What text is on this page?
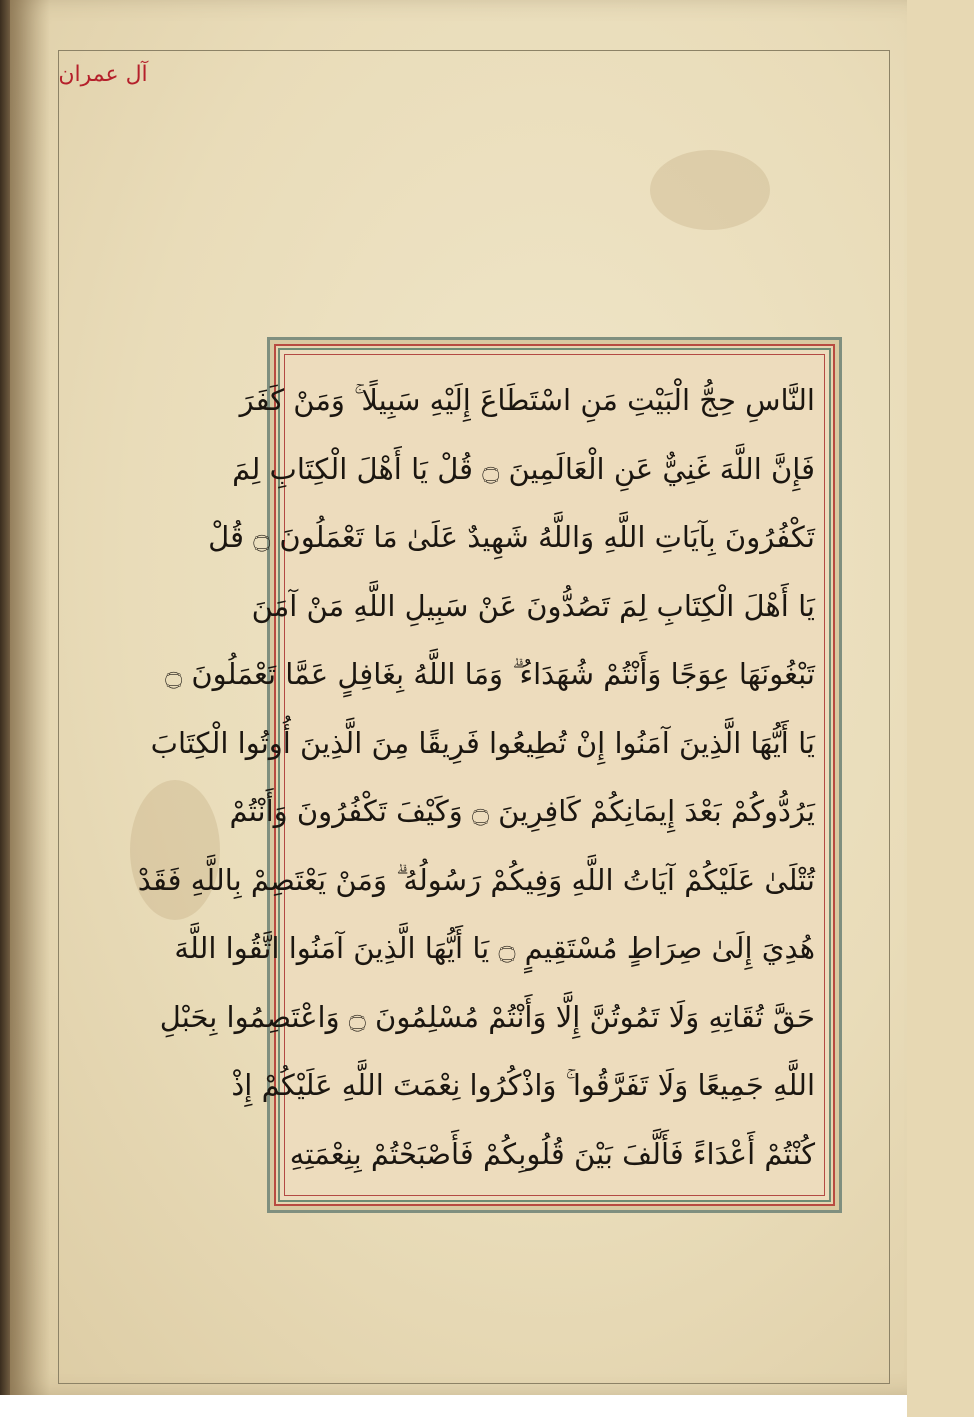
آل عمران
النَّاسِ حِجُّ الْبَيْتِ مَنِ اسْتَطَاعَ إِلَيْهِ سَبِيلًا ۚ وَمَنْ كَفَرَ
فَإِنَّ اللَّهَ غَنِيٌّ عَنِ الْعَالَمِينَ ۝ قُلْ يَا أَهْلَ الْكِتَابِ لِمَ
تَكْفُرُونَ بِآيَاتِ اللَّهِ وَاللَّهُ شَهِيدٌ عَلَىٰ مَا تَعْمَلُونَ ۝ قُلْ
يَا أَهْلَ الْكِتَابِ لِمَ تَصُدُّونَ عَنْ سَبِيلِ اللَّهِ مَنْ آمَنَ
تَبْغُونَهَا عِوَجًا وَأَنْتُمْ شُهَدَاءُ ۗ وَمَا اللَّهُ بِغَافِلٍ عَمَّا تَعْمَلُونَ ۝
يَا أَيُّهَا الَّذِينَ آمَنُوا إِنْ تُطِيعُوا فَرِيقًا مِنَ الَّذِينَ أُوتُوا الْكِتَابَ
يَرُدُّوكُمْ بَعْدَ إِيمَانِكُمْ كَافِرِينَ ۝ وَكَيْفَ تَكْفُرُونَ وَأَنْتُمْ
تُتْلَىٰ عَلَيْكُمْ آيَاتُ اللَّهِ وَفِيكُمْ رَسُولُهُ ۗ وَمَنْ يَعْتَصِمْ بِاللَّهِ فَقَدْ
هُدِيَ إِلَىٰ صِرَاطٍ مُسْتَقِيمٍ ۝ يَا أَيُّهَا الَّذِينَ آمَنُوا اتَّقُوا اللَّهَ
حَقَّ تُقَاتِهِ وَلَا تَمُوتُنَّ إِلَّا وَأَنْتُمْ مُسْلِمُونَ ۝ وَاعْتَصِمُوا بِحَبْلِ
اللَّهِ جَمِيعًا وَلَا تَفَرَّقُوا ۚ وَاذْكُرُوا نِعْمَتَ اللَّهِ عَلَيْكُمْ إِذْ
كُنْتُمْ أَعْدَاءً فَأَلَّفَ بَيْنَ قُلُوبِكُمْ فَأَصْبَحْتُمْ بِنِعْمَتِهِ
